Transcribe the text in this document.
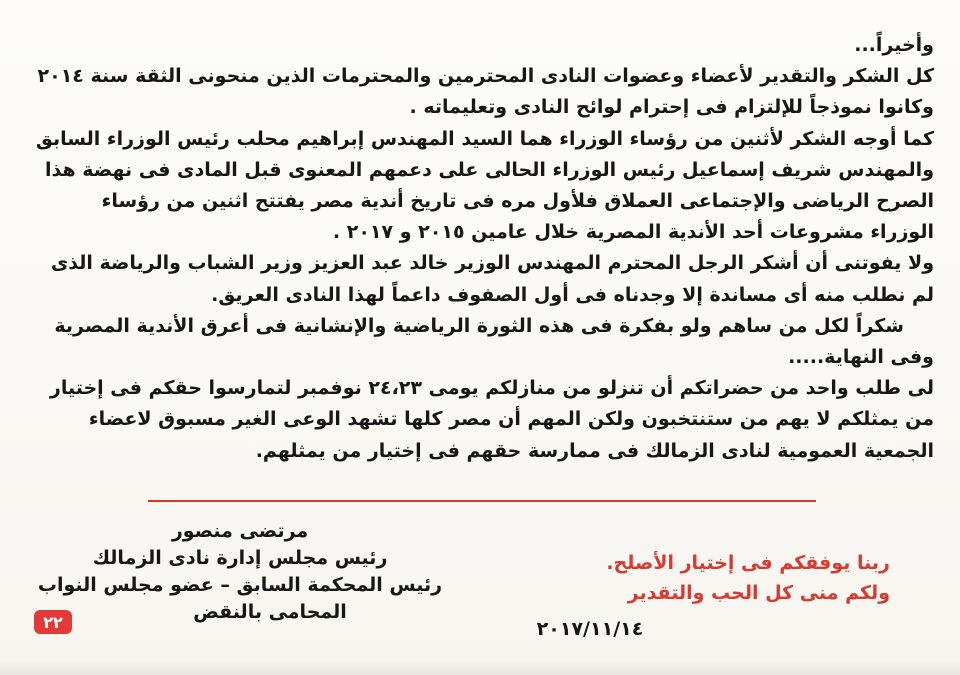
وأخيراً...

كل الشكر والتقدير لأعضاء وعضوات النادى المحترمين والمحترمات الذين منحونى الثقة سنة ٢٠١٤ وكانوا نموذجاً للإلتزام فى إحترام لوائح النادى وتعليماته .

كما أوجه الشكر لأثنين من رؤساء الوزراء هما السيد المهندس إبراهيم محلب رئيس الوزراء السابق والمهندس شريف إسماعيل رئيس الوزراء الحالى على دعمهم المعنوى قبل المادى فى نهضة هذا الصرح الرياضى والإجتماعى العملاق فلأول مره فى تاريخ أندية مصر يفتتح اثنين من رؤساء الوزراء مشروعات أحد الأندية المصرية خلال عامين ٢٠١٥ و ٢٠١٧ .

ولا يفوتنى أن أشكر الرجل المحترم المهندس الوزير خالد عبد العزيز وزير الشباب والرياضة الذى لم نطلب منه أى مساندة إلا وجدناه فى أول الصفوف داعماً لهذا النادى العريق.

شكراً لكل من ساهم ولو بفكرة فى هذه الثورة الرياضية والإنشانية فى أعرق الأندية المصرية

وفى النهاية.....

لى طلب واحد من حضراتكم أن تنزلو من منازلكم يومى ٢٤،٢٣ نوفمبر لتمارسوا حقكم فى إختيار من يمثلكم لا يهم من ستنتخبون ولكن المهم أن مصر كلها تشهد الوعى الغير مسبوق لاعضاء الجمعية العمومية لنادى الزمالك فى ممارسة حقهم فى إختيار من يمثلهم.

مرتضى منصور

رئيس مجلس إدارة نادى الزمالك

رئيس المحكمة السابق – عضو مجلس النواب

المحامى بالنقض

ربنا يوفقكم فى إختيار الأصلح.

ولكم منى كل الحب والتقدير

٢٠١٧/١١/١٤
٢٢
